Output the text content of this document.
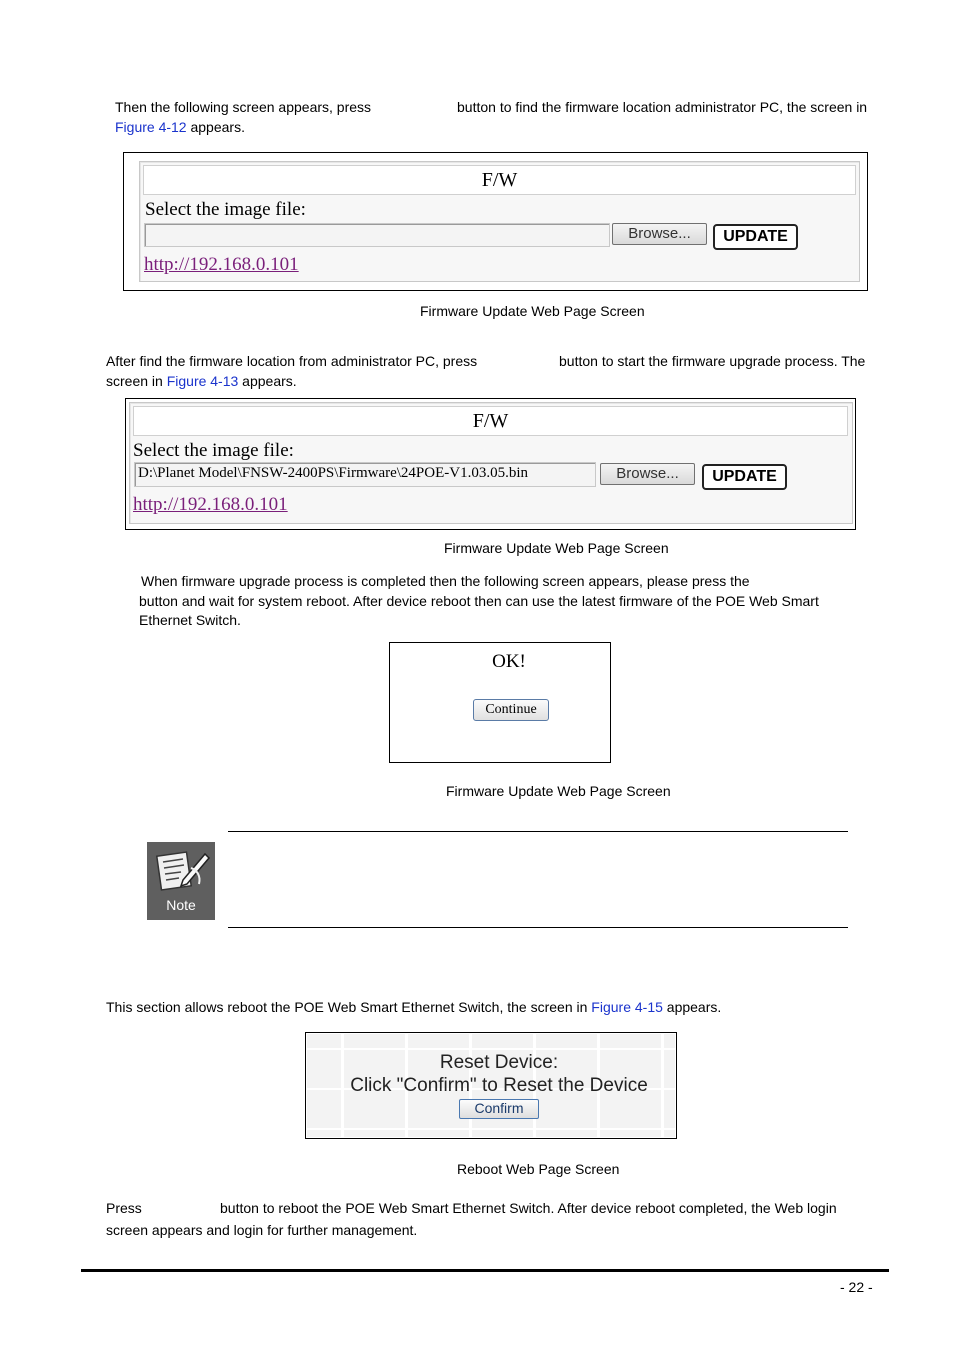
Then the following screen appears, press	button to find the firmware location administrator PC, the screen in
Figure 4-12 appears.
F/W
Select the image file:
Browse...	UPDATE
http://192.168.0.101
Firmware Update Web Page Screen
After find the firmware location from administrator PC, press	button to start the firmware upgrade process. The
screen in Figure 4-13 appears.
F/W
Select the image file:
D:\Planet Model\FNSW-2400PS\Firmware\24POE-V1.03.05.bin	Browse...	UPDATE
http://192.168.0.101
Firmware Update Web Page Screen
When firmware upgrade process is completed then the following screen appears, please press the
button and wait for system reboot. After device reboot then can use the latest firmware of the POE Web Smart
Ethernet Switch.
OK!
Continue
Firmware Update Web Page Screen
Note
This section allows reboot the POE Web Smart Ethernet Switch, the screen in Figure 4-15 appears.
Reset Device:
Click "Confirm" to Reset the Device
Confirm
Reboot Web Page Screen
Press	button to reboot the POE Web Smart Ethernet Switch. After device reboot completed, the Web login
screen appears and login for further management.
- 22 -
